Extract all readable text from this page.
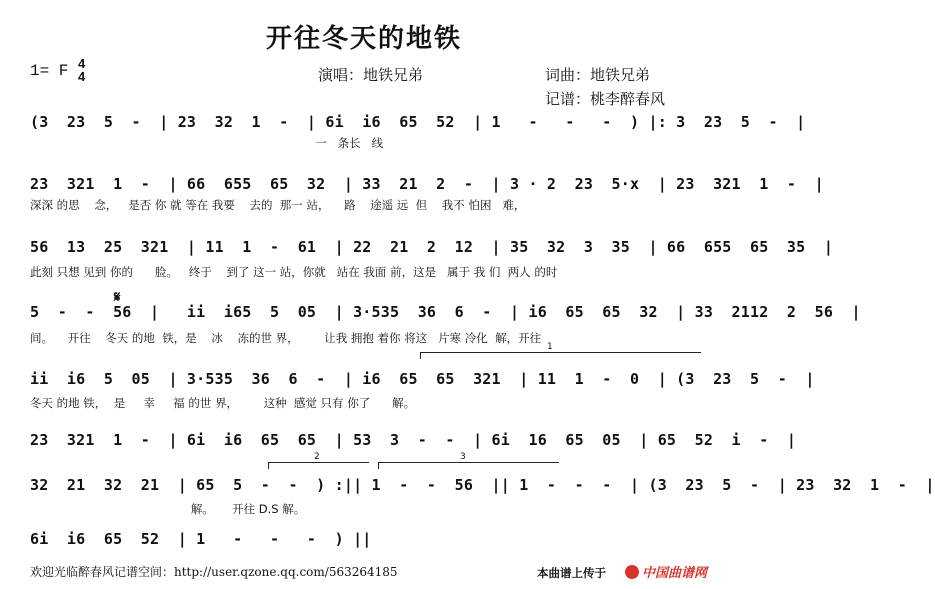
开往冬天的地铁
1= F 4
4	演唱：地铁兄弟	词曲：地铁兄弟
记谱：桃李醉春风
(3  23  5  -  | 23  32  1  -  | 6i  i6  65  52  | 1   -   -   -  ) |: 3  23  5  -  |
一   条长   线
23  321  1  -  | 66  655  65  32  | 33  21  2  -  | 3 · 2  23  5·x  | 23  321  1  -  |
深深 的思    念，   是否 你 就 等在 我要    去的  那一 站，    路    途遥 远  但    我不 怕困   难，
56  13  25  321  | 11  1  -  61  | 22  21  2  12  | 35  32  3  35  | 66  655  65  35  |
此刻 只想 见到 你的      脸。   终于    到了 这一 站，你就   站在 我面 前，这是   属于 我 们  两人 的时
𝄋
5  -  -  56  |   ii  i65  5  05  | 3·535  36  6  -  | i6  65  65  32  | 33  2112  2  56  |
间。    开往    冬天 的地  铁，是    冰    冻的世 界，       让我 拥抱 着你 将这   片寒 冷化  解，开往
1
ii  i6  5  05  | 3·535  36  6  -  | i6  65  65  321  | 11  1  -  0  | (3  23  5  -  |
冬天 的地 铁，  是     幸     福 的世 界，       这种  感觉 只有 你了      解。
23  321  1  -  | 6i  i6  65  65  | 53  3  -  -  | 6i  16  65  05  | 65  52  i  -  |
2	3
32  21  32  21  | 65  5  -  -  ) :|| 1  -  -  56  || 1  -  -  -  | (3  23  5  -  | 23  32  1  -  |
解。     开往 D.S 解。
6i  i6  65  52  | 1   -   -   -  ) ||
欢迎光临醉春风记谱空间：http://user.qzone.qq.com/563264185	本曲谱上传于	中国曲谱网
